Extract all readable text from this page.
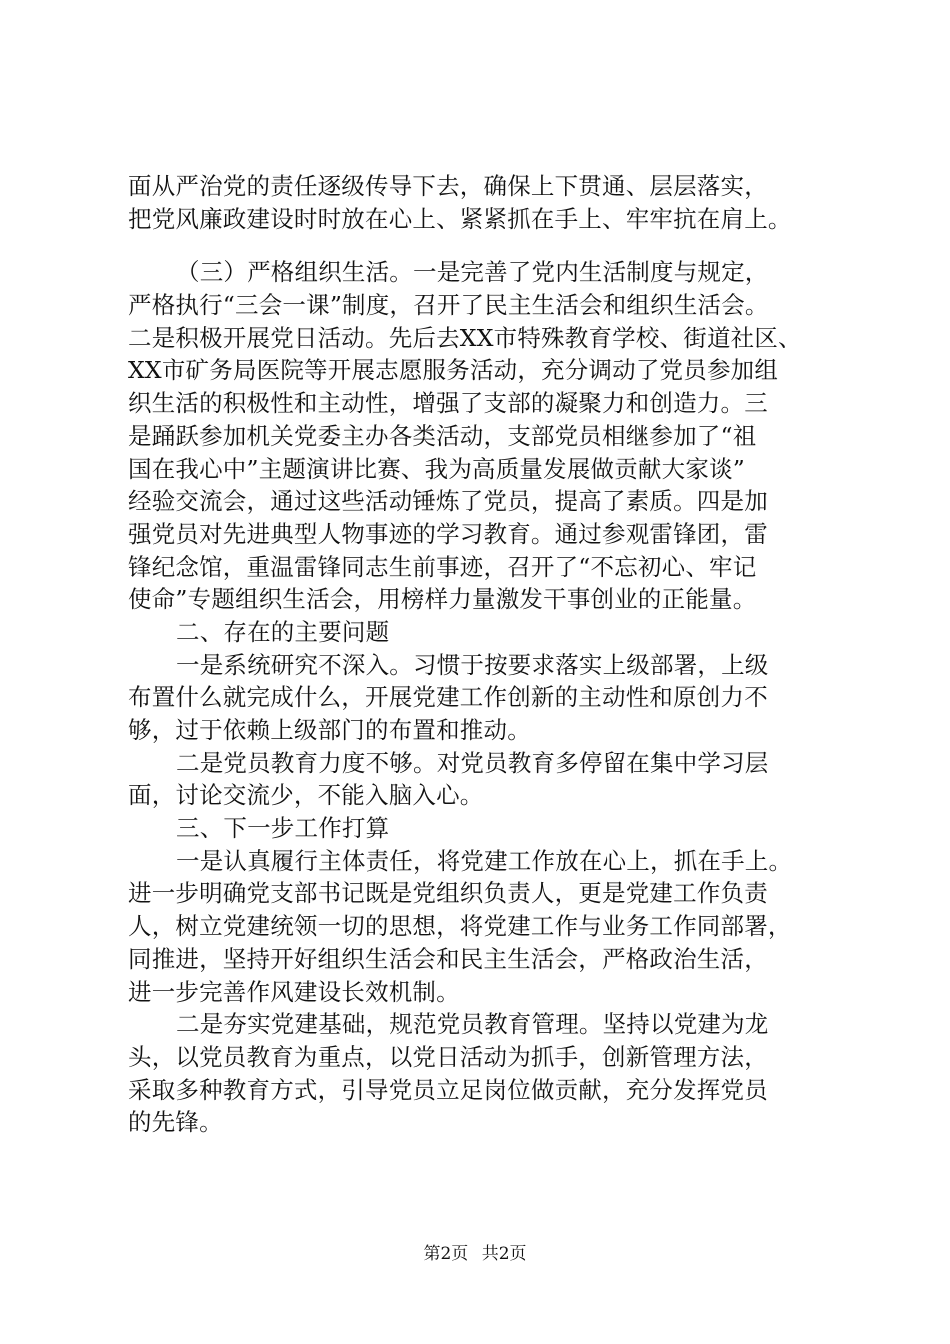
面从严治党的责任逐级传导下去，确保上下贯通、层层落实，
把党风廉政建设时时放在心上、紧紧抓在手上、牢牢抗在肩上。
（三）严格组织生活。一是完善了党内生活制度与规定，
严格执行“三会一课”制度，召开了民主生活会和组织生活会。
二是积极开展党日活动。先后去XX市特殊教育学校、街道社区、
XX市矿务局医院等开展志愿服务活动，充分调动了党员参加组
织生活的积极性和主动性，增强了支部的凝聚力和创造力。三
是踊跃参加机关党委主办各类活动，支部党员相继参加了“祖
国在我心中”主题演讲比赛、我为高质量发展做贡献大家谈”
经验交流会，通过这些活动锤炼了党员，提高了素质。四是加
强党员对先进典型人物事迹的学习教育。通过参观雷锋团，雷
锋纪念馆，重温雷锋同志生前事迹，召开了“不忘初心、牢记
使命”专题组织生活会，用榜样力量激发干事创业的正能量。
二、存在的主要问题
一是系统研究不深入。习惯于按要求落实上级部署，上级
布置什么就完成什么，开展党建工作创新的主动性和原创力不
够，过于依赖上级部门的布置和推动。
二是党员教育力度不够。对党员教育多停留在集中学习层
面，讨论交流少，不能入脑入心。
三、下一步工作打算
一是认真履行主体责任，将党建工作放在心上，抓在手上。
进一步明确党支部书记既是党组织负责人，更是党建工作负责
人，树立党建统领一切的思想，将党建工作与业务工作同部署，
同推进，坚持开好组织生活会和民主生活会，严格政治生活，
进一步完善作风建设长效机制。
二是夯实党建基础，规范党员教育管理。坚持以党建为龙
头，以党员教育为重点，以党日活动为抓手，创新管理方法，
采取多种教育方式，引导党员立足岗位做贡献，充分发挥党员
的先锋。
第2页 共2页
